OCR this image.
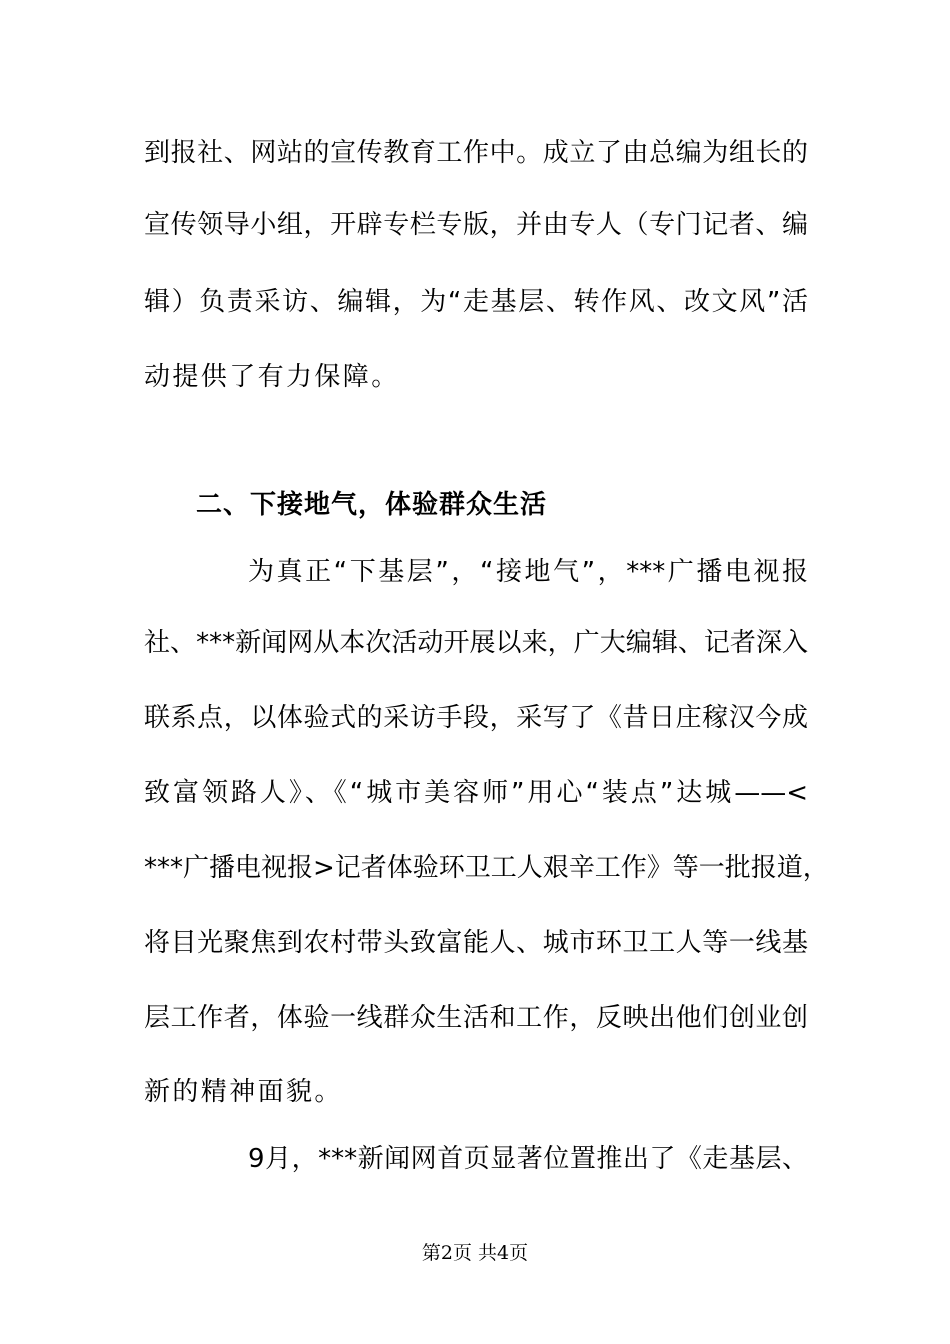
到报社、网站的宣传教育工作中。成立了由总编为组长的
宣传领导小组，开辟专栏专版，并由专人（专门记者、编
辑）负责采访、编辑，为“走基层、转作风、改文风”活
动提供了有力保障。
二、下接地气，体验群众生活
为真正“下基层”，“接地气”，***广播电视报
社、***新闻网从本次活动开展以来，广大编辑、记者深入
联系点，以体验式的采访手段，采写了《昔日庄稼汉今成
致富领路人》、《“城市美容师”用心“装点”达城——<
***广播电视报>记者体验环卫工人艰辛工作》等一批报道，
将目光聚焦到农村带头致富能人、城市环卫工人等一线基
层工作者，体验一线群众生活和工作，反映出他们创业创
新的精神面貌。
9月，***新闻网首页显著位置推出了《走基层、
第2页 共4页
